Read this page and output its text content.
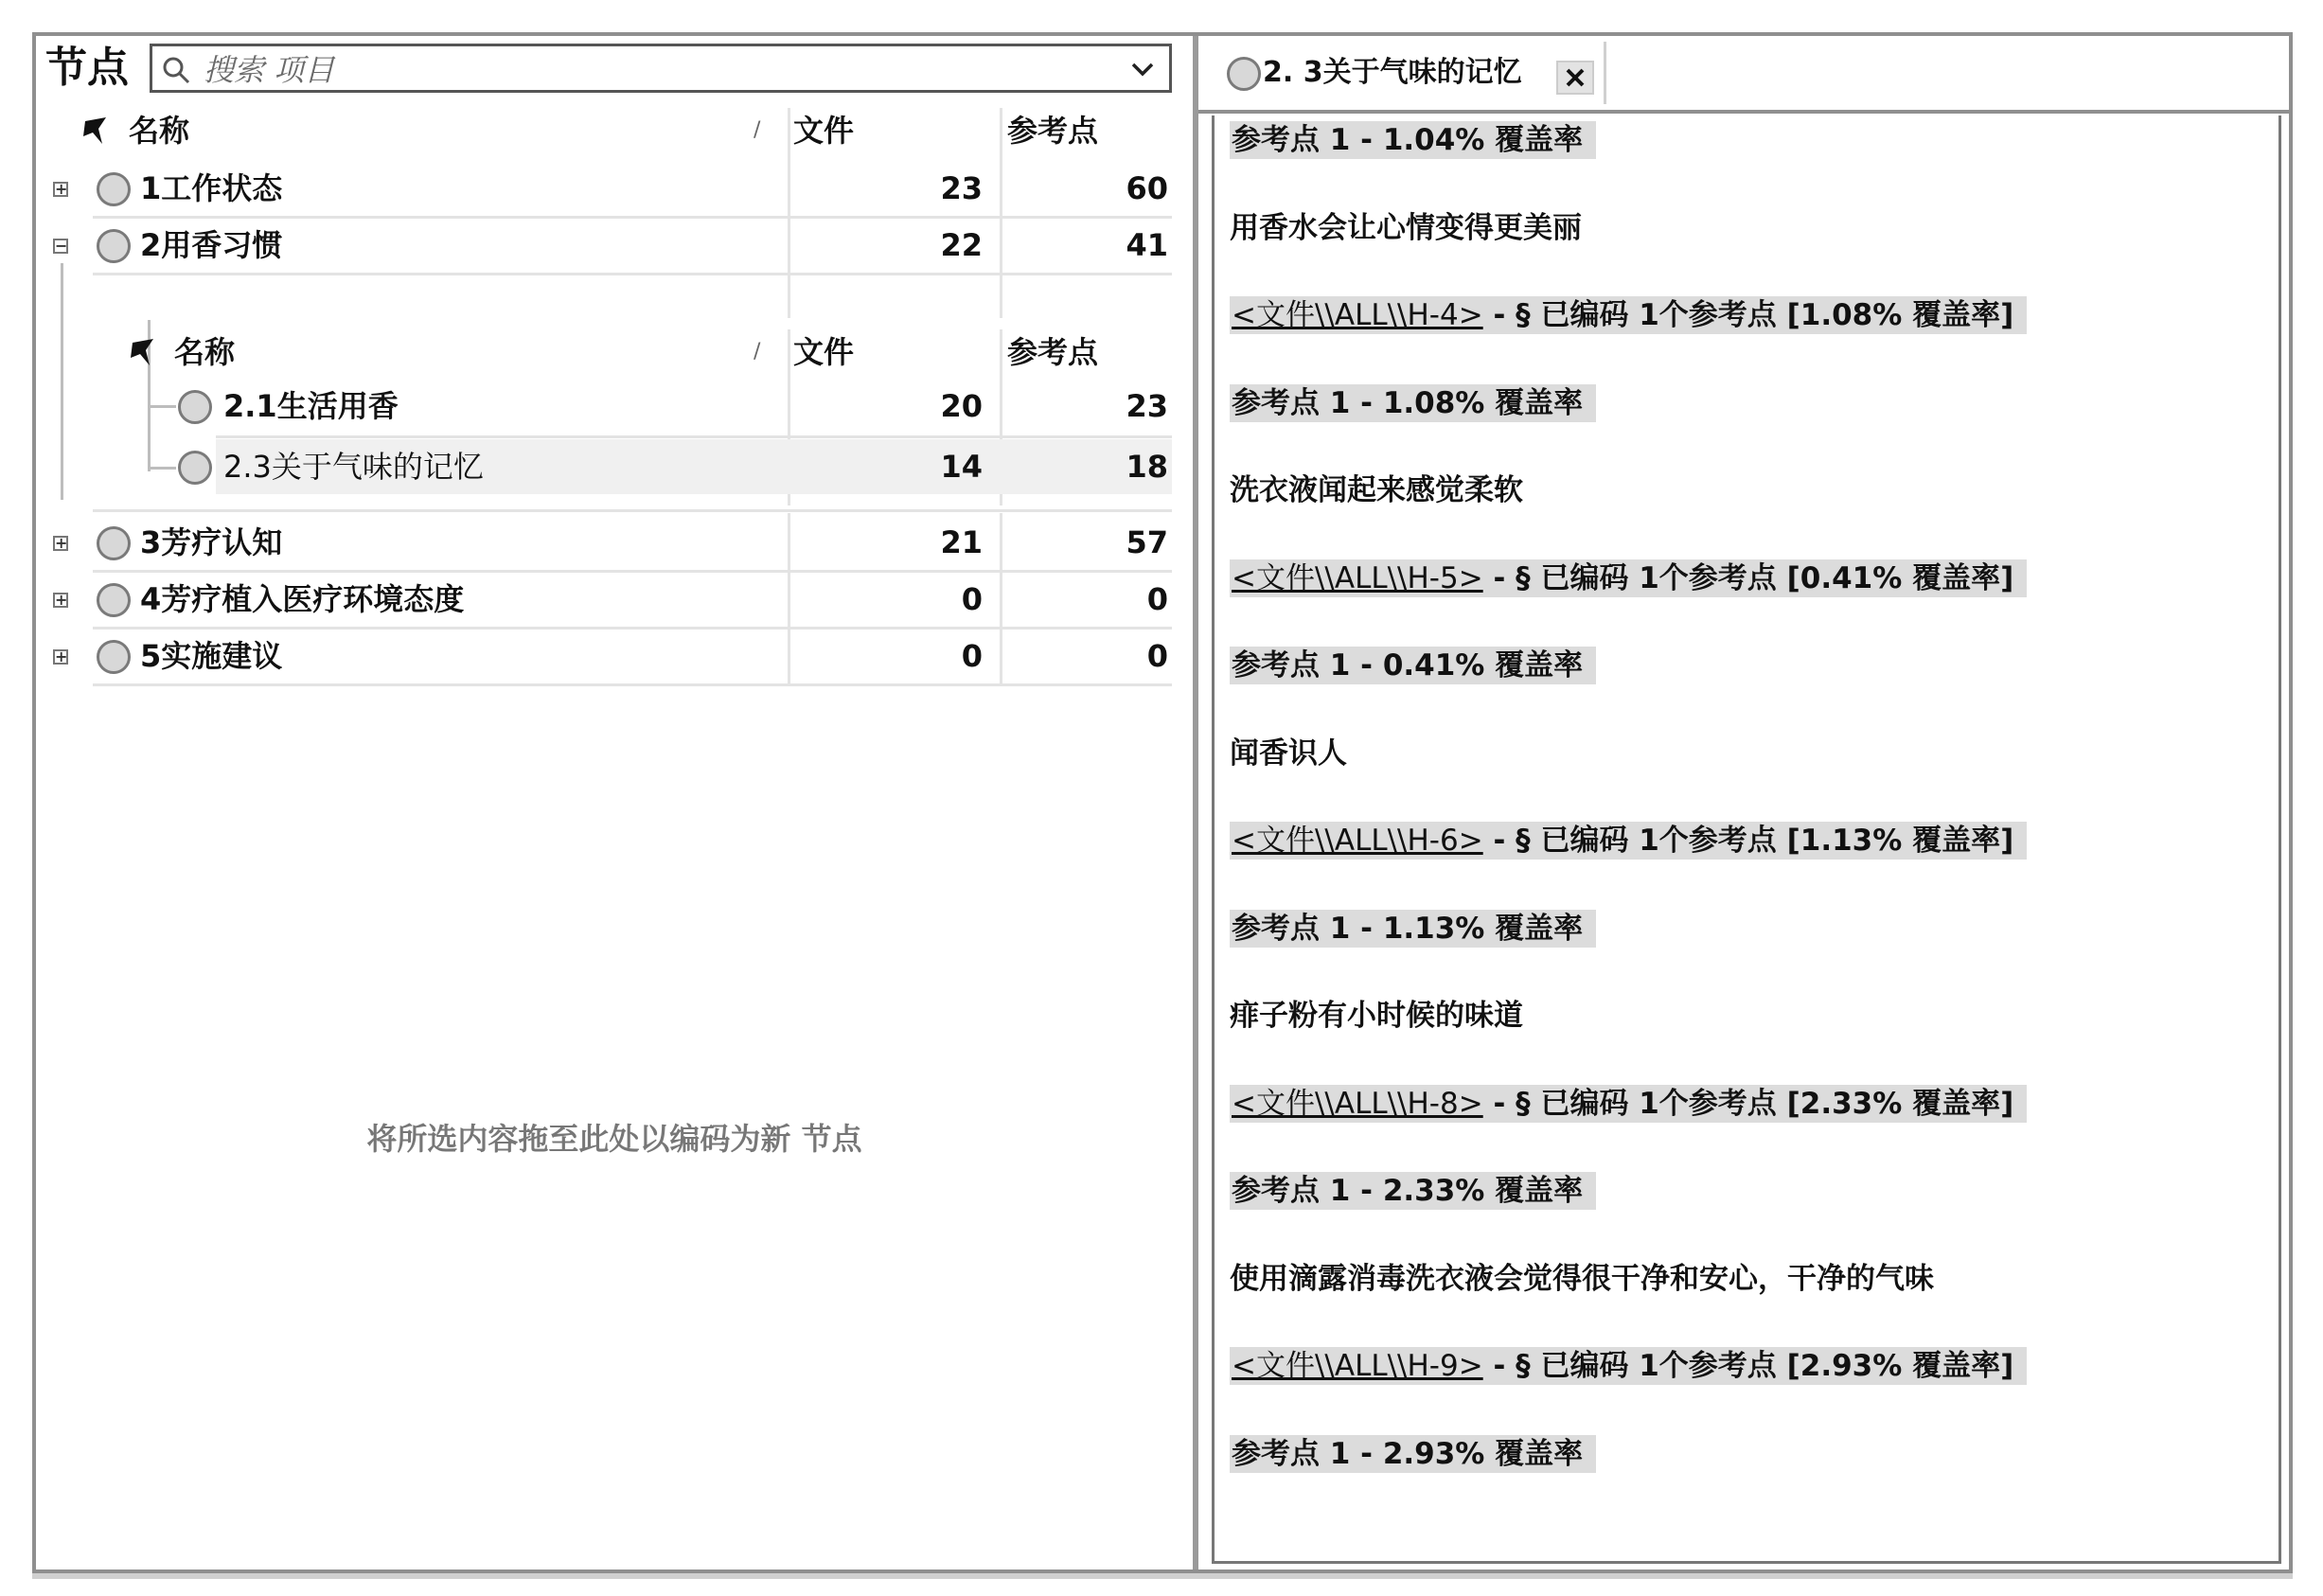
节点
搜索 项目
名称	/ 文件	参考点
+ 1工作状态	23	60
− 2用香习惯	22	41
名称	/ 文件	参考点
2.1生活用香	20	23
2.3关于气味的记忆	14	18
+ 3芳疗认知	21	57
+ 4芳疗植入医疗环境态度	0	0
+ 5实施建议	0	0
将所选内容拖至此处以编码为新 节点
2. 3关于气味的记忆
参考点 1 - 1.04% 覆盖率
用香水会让心情变得更美丽
<文件\\ALL\\H-4> - § 已编码 1个参考点 [1.08% 覆盖率]
参考点 1 - 1.08% 覆盖率
洗衣液闻起来感觉柔软
<文件\\ALL\\H-5> - § 已编码 1个参考点 [0.41% 覆盖率]
参考点 1 - 0.41% 覆盖率
闻香识人
<文件\\ALL\\H-6> - § 已编码 1个参考点 [1.13% 覆盖率]
参考点 1 - 1.13% 覆盖率
痱子粉有小时候的味道
<文件\\ALL\\H-8> - § 已编码 1个参考点 [2.33% 覆盖率]
参考点 1 - 2.33% 覆盖率
使用滴露消毒洗衣液会觉得很干净和安心，干净的气味
<文件\\ALL\\H-9> - § 已编码 1个参考点 [2.93% 覆盖率]
参考点 1 - 2.93% 覆盖率
